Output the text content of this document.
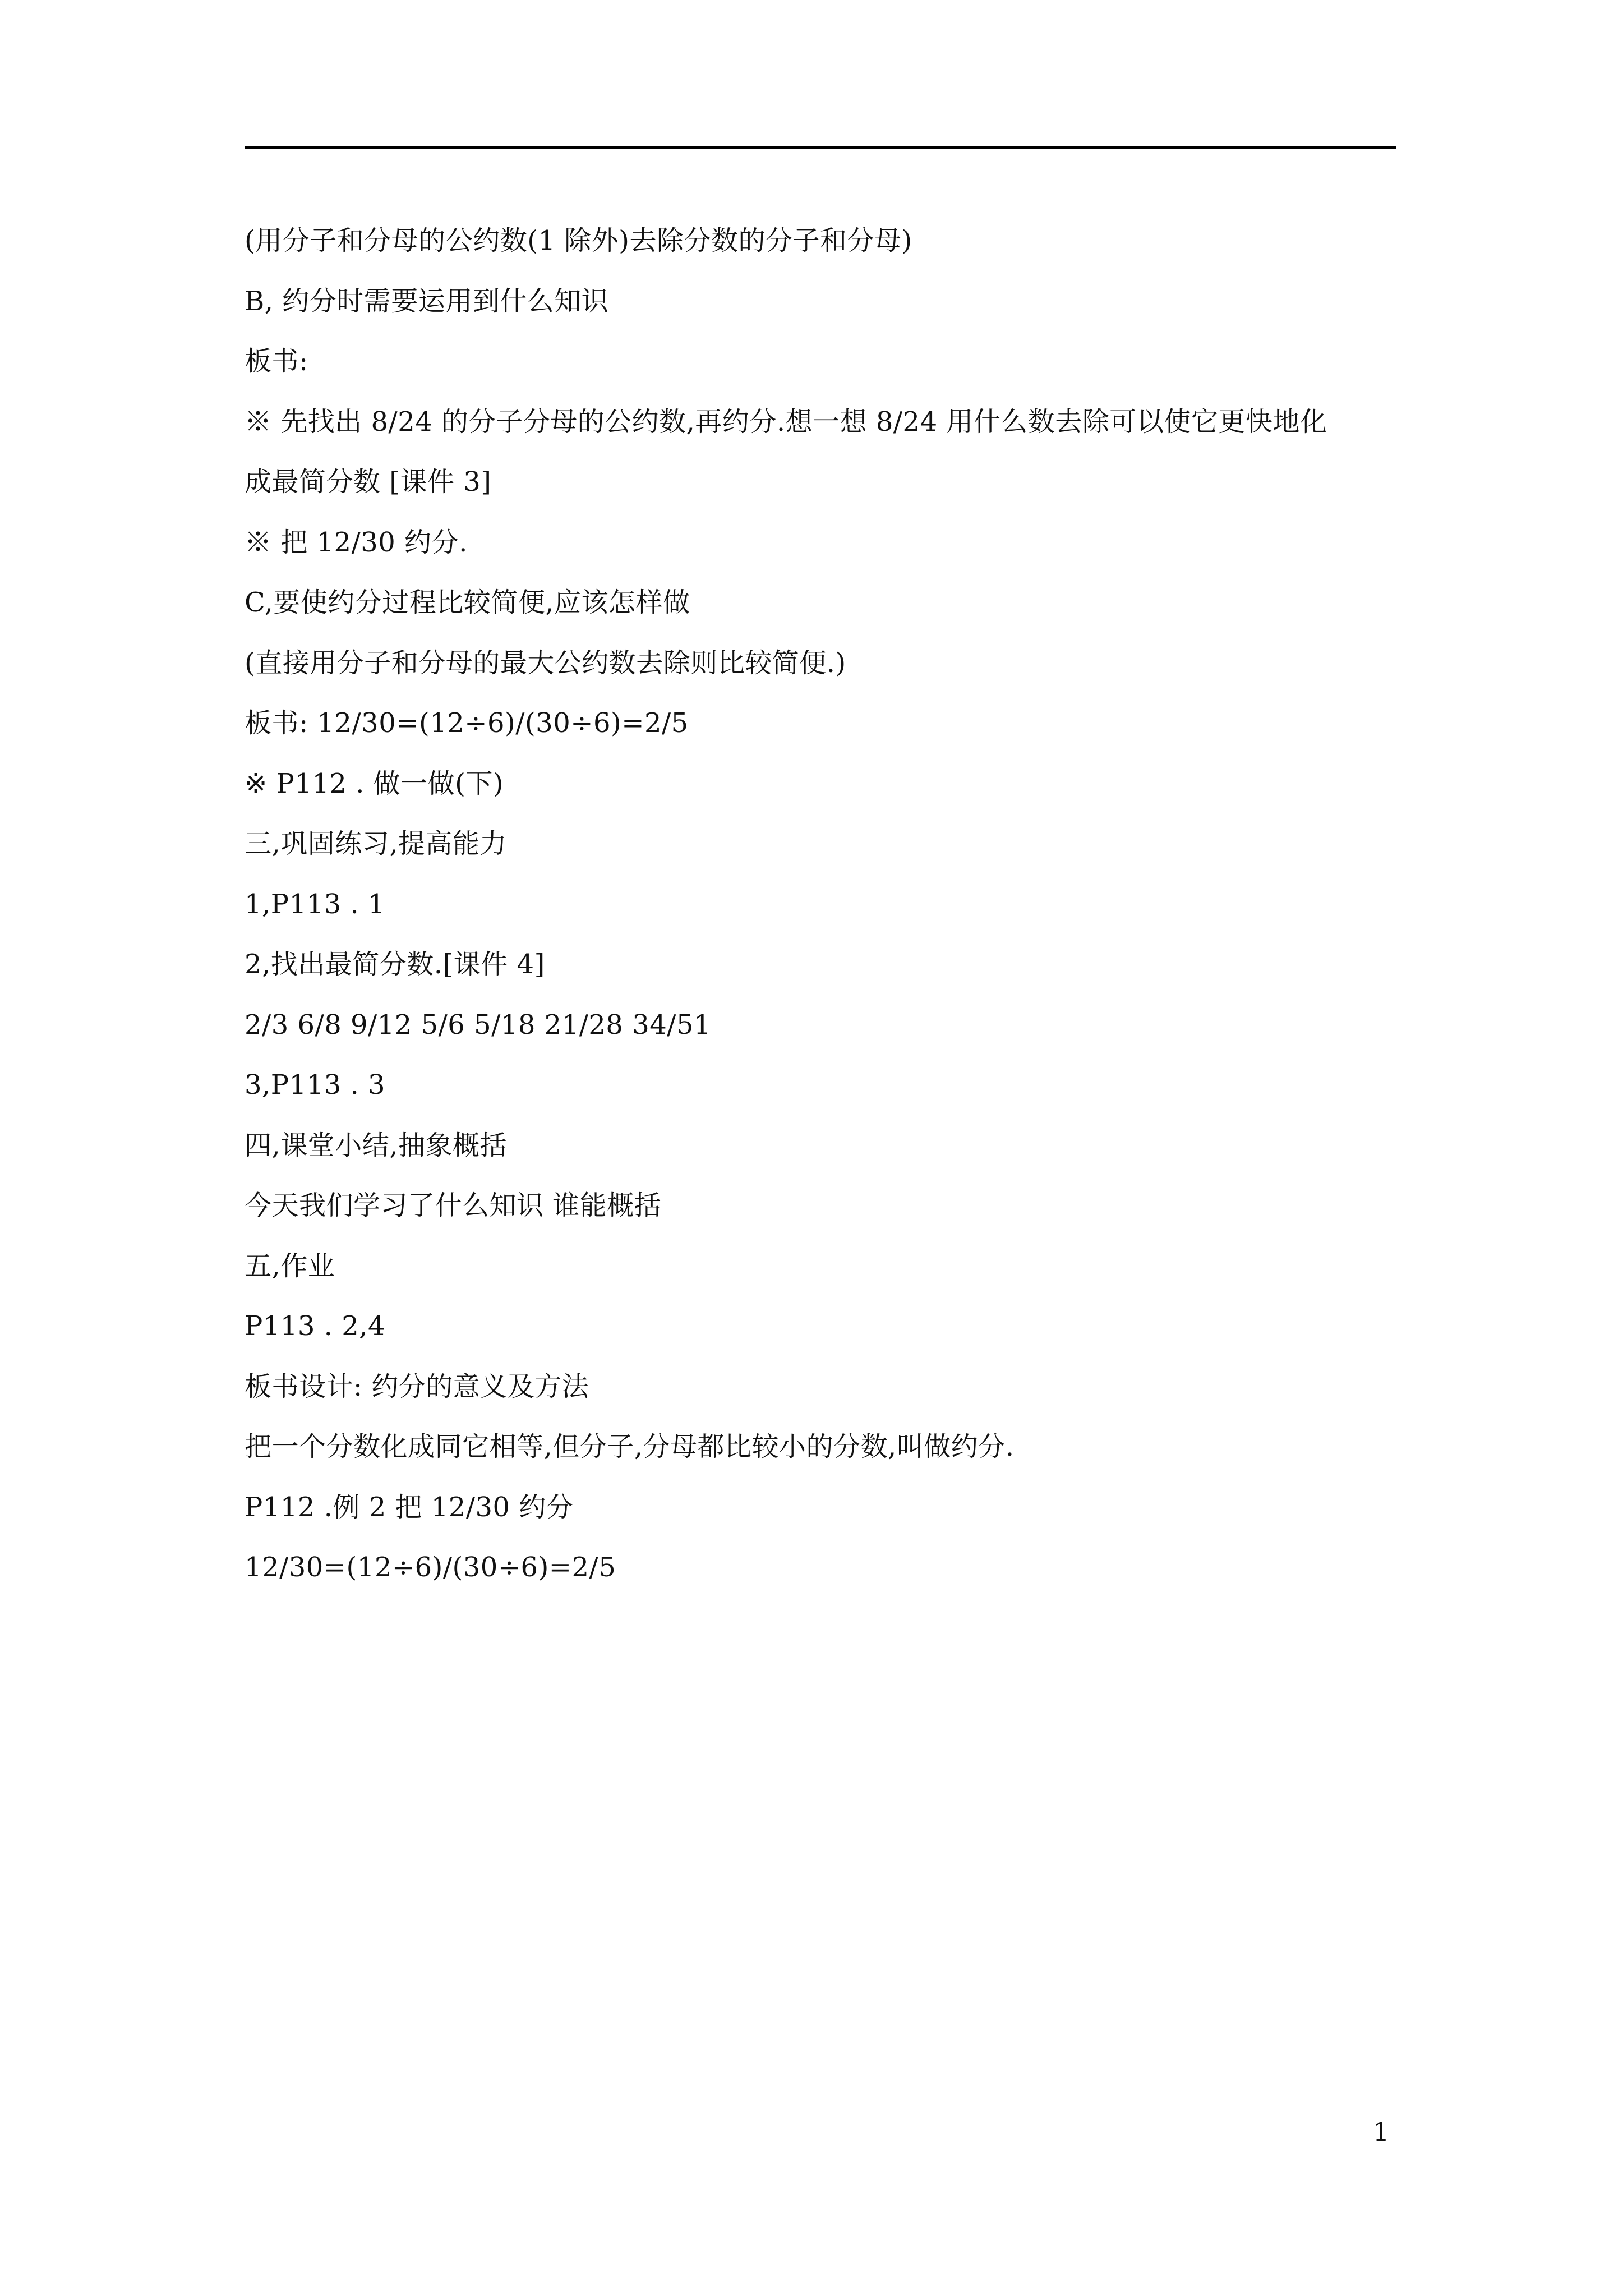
(用分子和分母的公约数(1 除外)去除分数的分子和分母)
B, 约分时需要运用到什么知识
板书:
※ 先找出 8/24 的分子分母的公约数,再约分.想一想 8/24 用什么数去除可以使它更快地化
成最简分数 [课件 3]
※ 把 12/30 约分.
C,要使约分过程比较简便,应该怎样做
(直接用分子和分母的最大公约数去除则比较简便.)
板书: 12/30=(12÷6)/(30÷6)=2/5
※ P112 . 做一做(下)
三,巩固练习,提高能力
1,P113 . 1
2,找出最简分数.[课件 4]
2/3 6/8 9/12 5/6 5/18 21/28 34/51
3,P113 . 3
四,课堂小结,抽象概括
今天我们学习了什么知识 谁能概括
五,作业
P113 . 2,4
板书设计: 约分的意义及方法
把一个分数化成同它相等,但分子,分母都比较小的分数,叫做约分.
P112 .例 2 把 12/30 约分
12/30=(12÷6)/(30÷6)=2/5
1
